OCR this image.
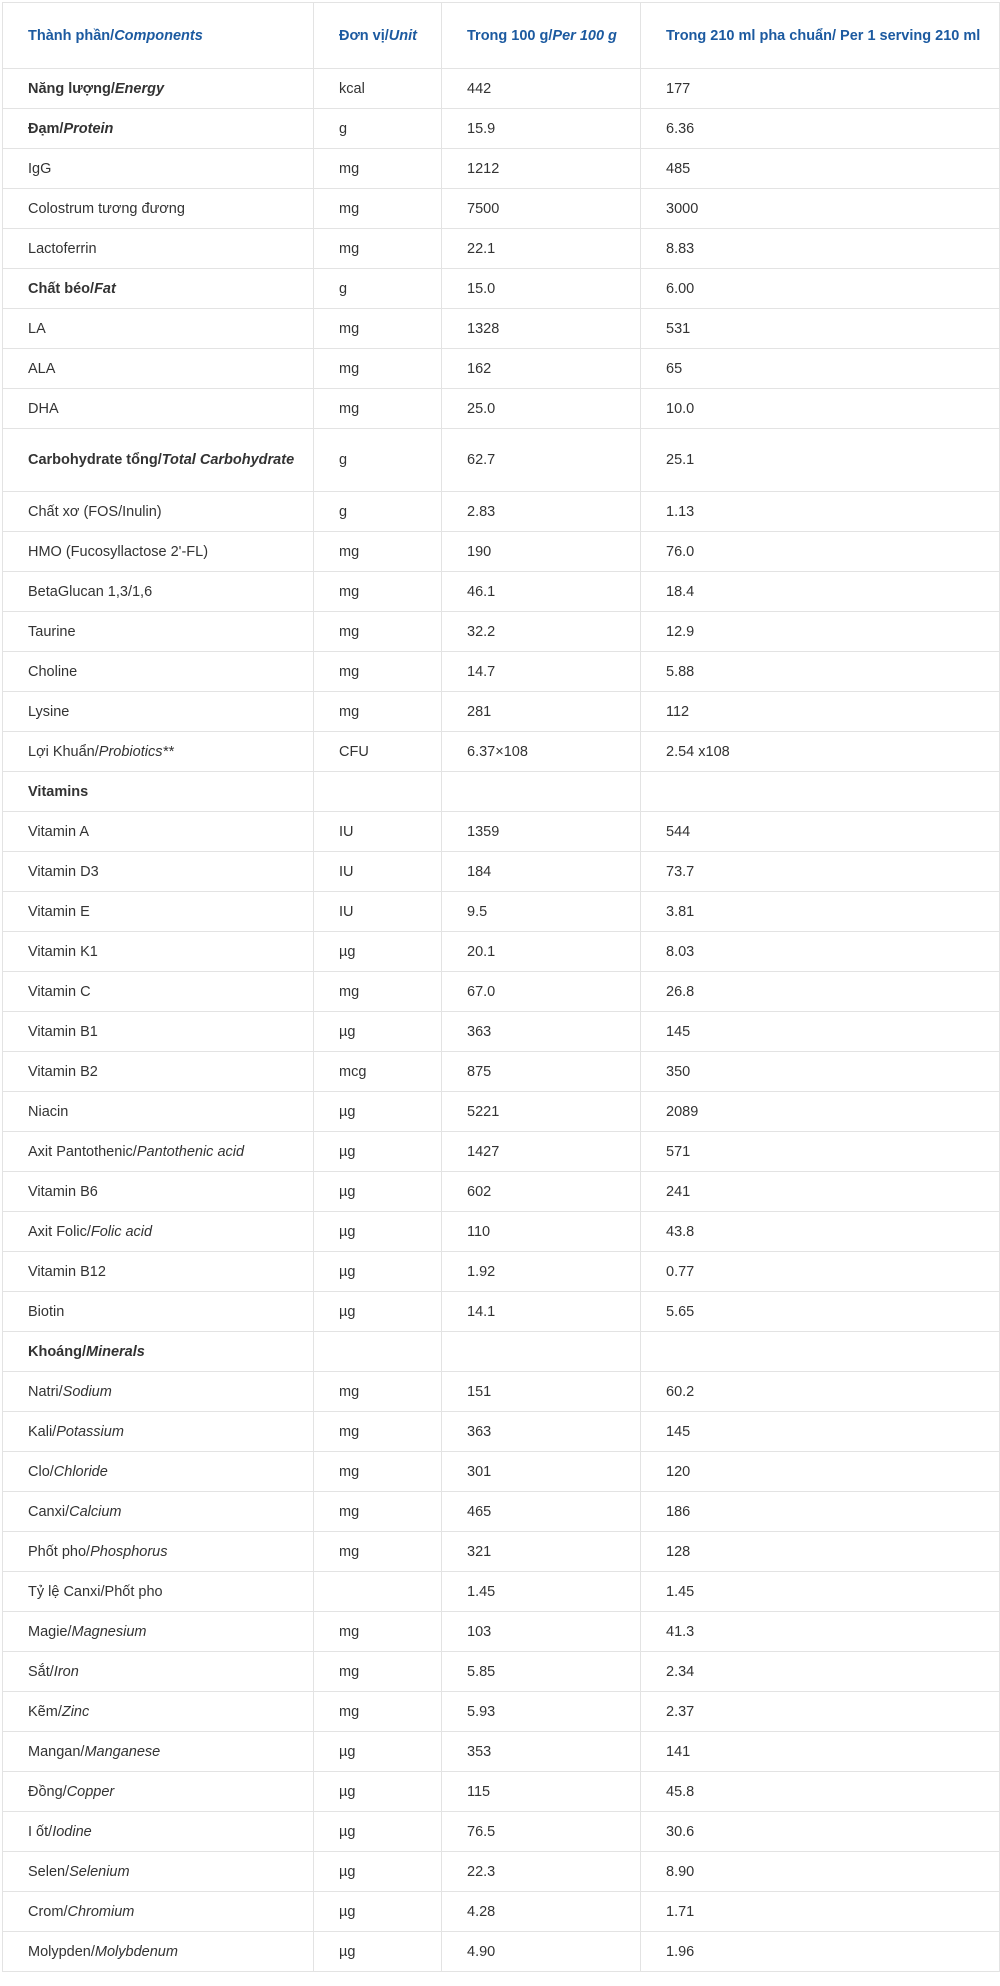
Thành phần/Components	Đơn vị/Unit	Trong 100 g/Per 100 g	Trong 210 ml pha chuẩn/ Per 1 serving 210 ml
Năng lượng/Energy	kcal	442	177
Đạm/Protein	g	15.9	6.36
IgG	mg	1212	485
Colostrum tương đương	mg	7500	3000
Lactoferrin	mg	22.1	8.83
Chất béo/Fat	g	15.0	6.00
LA	mg	1328	531
ALA	mg	162	65
DHA	mg	25.0	10.0
Carbohydrate tổng/Total Carbohydrate	g	62.7	25.1
Chất xơ (FOS/Inulin)	g	2.83	1.13
HMO (Fucosyllactose 2'-FL)	mg	190	76.0
BetaGlucan 1,3/1,6	mg	46.1	18.4
Taurine	mg	32.2	12.9
Choline	mg	14.7	5.88
Lysine	mg	281	112
Lợi Khuẩn/Probiotics**	CFU	6.37×108	2.54 x108
Vitamins			
Vitamin A	IU	1359	544
Vitamin D3	IU	184	73.7
Vitamin E	IU	9.5	3.81
Vitamin K1	µg	20.1	8.03
Vitamin C	mg	67.0	26.8
Vitamin B1	µg	363	145
Vitamin B2	mcg	875	350
Niacin	µg	5221	2089
Axit Pantothenic/Pantothenic acid	µg	1427	571
Vitamin B6	µg	602	241
Axit Folic/Folic acid	µg	110	43.8
Vitamin B12	µg	1.92	0.77
Biotin	µg	14.1	5.65
Khoáng/Minerals			
Natri/Sodium	mg	151	60.2
Kali/Potassium	mg	363	145
Clo/Chloride	mg	301	120
Canxi/Calcium	mg	465	186
Phốt pho/Phosphorus	mg	321	128
Tỷ lệ Canxi/Phốt pho		1.45	1.45
Magie/Magnesium	mg	103	41.3
Sắt/Iron	mg	5.85	2.34
Kẽm/Zinc	mg	5.93	2.37
Mangan/Manganese	µg	353	141
Đồng/Copper	µg	115	45.8
I ốt/Iodine	µg	76.5	30.6
Selen/Selenium	µg	22.3	8.90
Crom/Chromium	µg	4.28	1.71
Molypden/Molybdenum	µg	4.90	1.96
